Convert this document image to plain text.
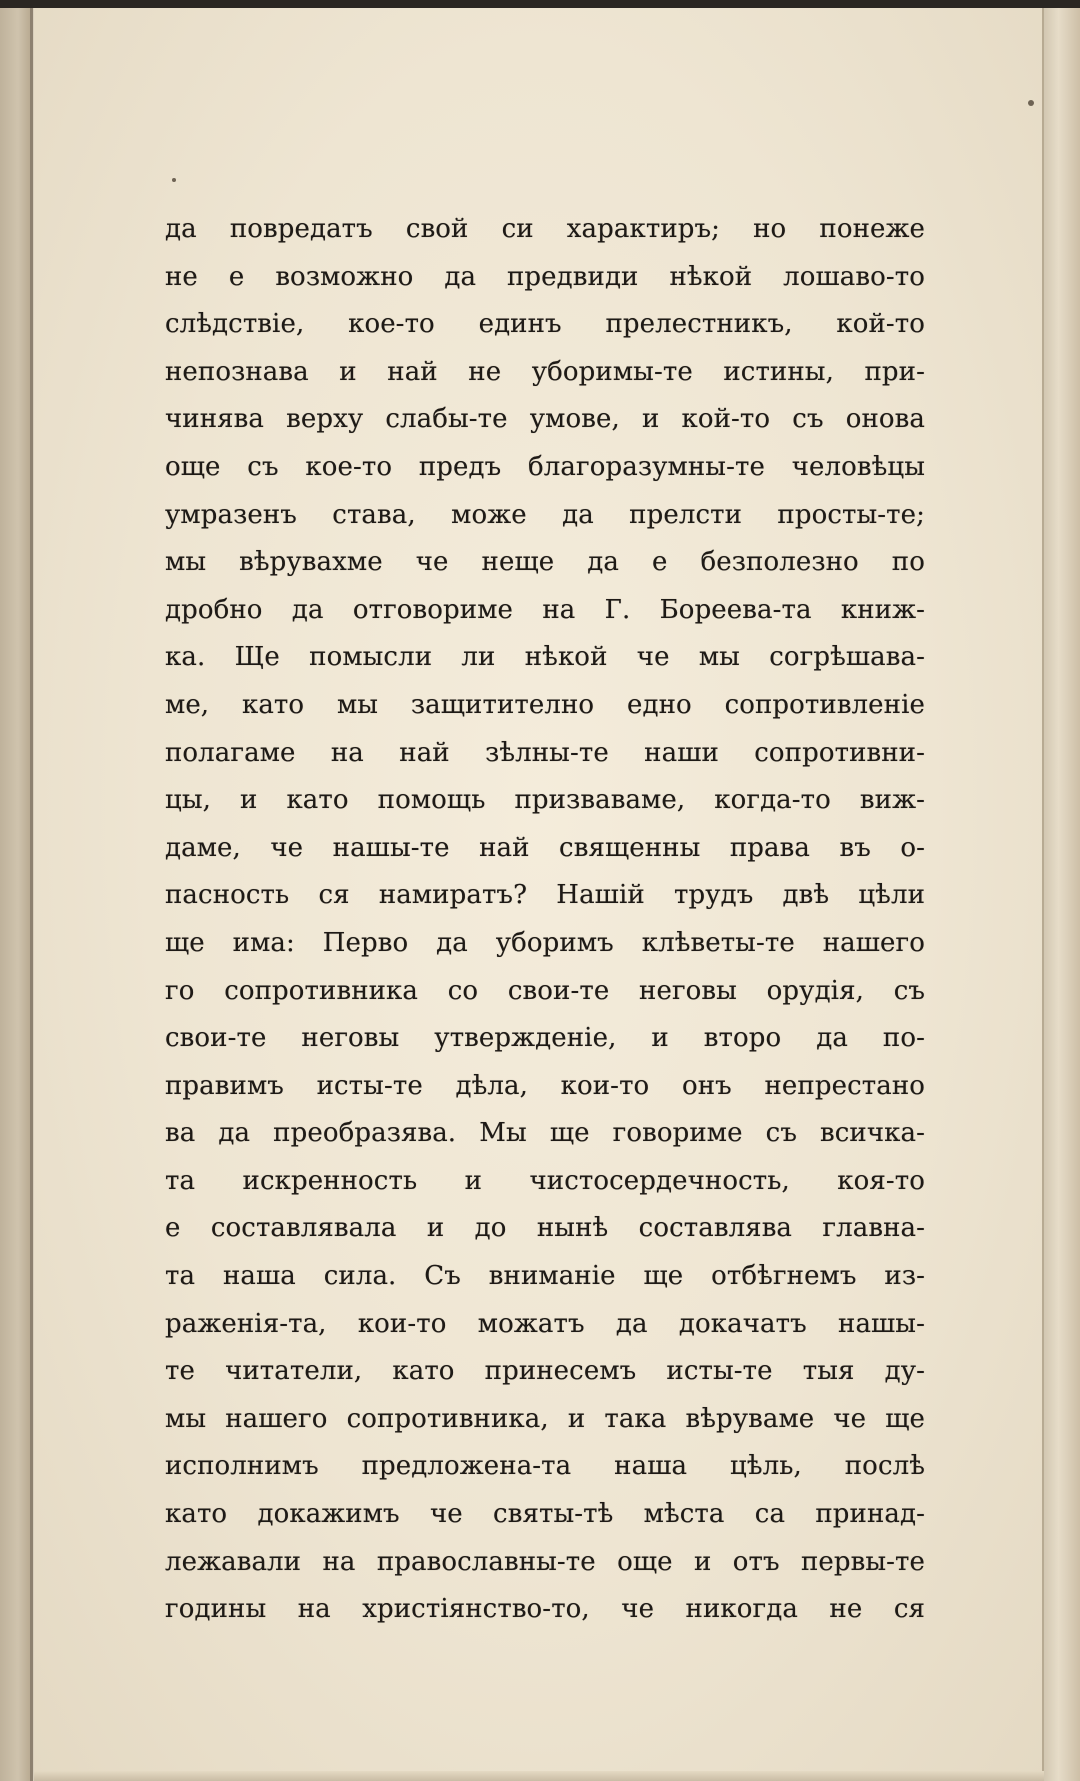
да повредатъ свой си характиръ; но понеже
не е возможно да предвиди нѣкой лошаво-то
слѣдствіе, кое-то единъ прелестникъ, кой-то
непознава и най не уборимы-те истины, при-
чинява верху слабы-те умове, и кой-то съ онова
още съ кое-то предъ благоразумны-те человѣцы
умразенъ става, може да прелсти просты-те;
мы вѣрувахме че неще да е безполезно по
дробно да отговориме на Г. Бореева-та книж-
ка. Ще помысли ли нѣкой че мы согрѣшава-
ме, като мы защитително едно сопротивленіе
полагаме на най зѣлны-те наши сопротивни-
цы, и като помощь призваваме, когда-то виж-
даме, че нашы-те най священны права въ о-
пасность ся намиратъ? Нашій трудъ двѣ цѣли
ще има: Перво да уборимъ клѣветы-те нашего
го сопротивника со свои-те неговы орудія, съ
свои-те неговы утвержденіе, и второ да по-
правимъ исты-те дѣла, кои-то онъ непрестано
ва да преобразява. Мы ще говориме съ всичка-
та искренность и чистосердечность, коя-то
е составлявала и до нынѣ составлява главна-
та наша сила. Съ вниманіе ще отбѣгнемъ из-
раженія-та, кои-то можатъ да докачатъ нашы-
те читатели, като принесемъ исты-те тыя ду-
мы нашего сопротивника, и така вѣруваме че ще
исполнимъ предложена-та наша цѣль, послѣ
като докажимъ че святы-тѣ мѣста са принад-
лежавали на православны-те още и отъ первы-те
годины на христіянство-то, че никогда не ся
